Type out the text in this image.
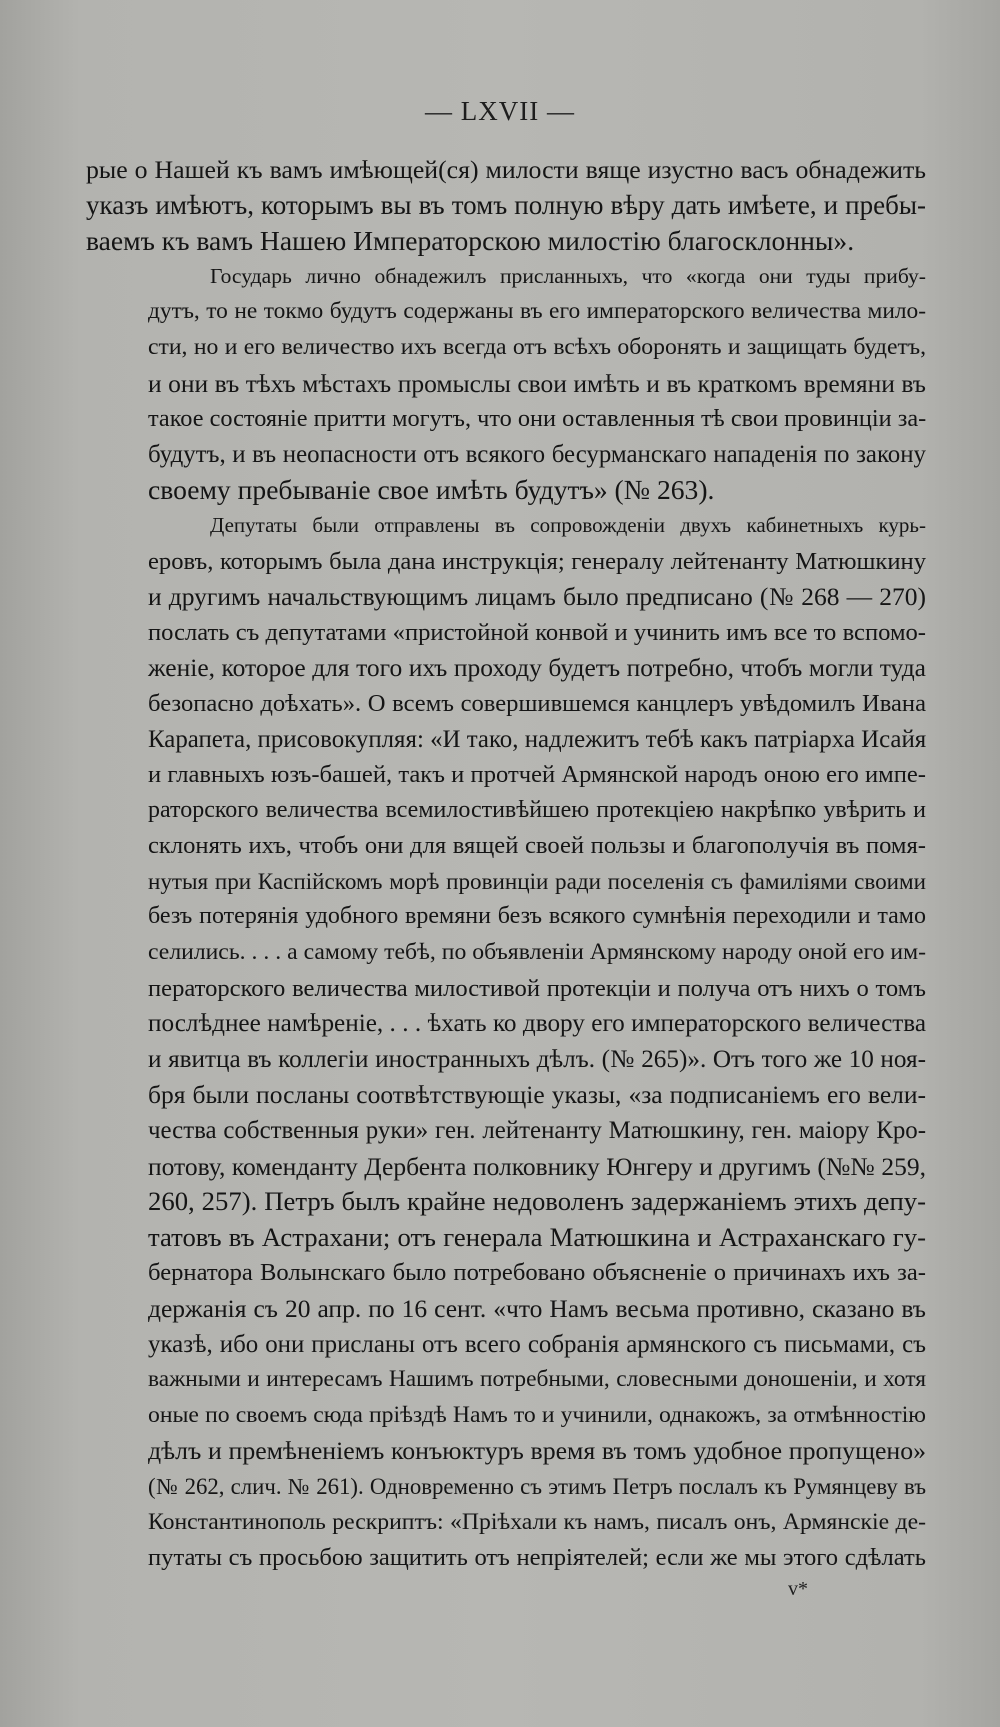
— LXVII —

рые о Нашей къ вамъ имѣющей(ся) милости вяще изустно васъ обнадежить
указъ имѣютъ, которымъ вы въ томъ полную вѣру дать имѣете, и пребы-
ваемъ къ вамъ Нашею Императорскою милостію благосклонны».

Государь лично обнадежилъ присланныхъ, что «когда они туды прибу-
дутъ, то не токмо будутъ содержаны въ его императорского величества мило-
сти, но и его величество ихъ всегда отъ всѣхъ оборонять и защищать будетъ,
и они въ тѣхъ мѣстахъ промыслы свои имѣть и въ краткомъ времяни въ
такое состояніе притти могутъ, что они оставленныя тѣ свои провинціи за-
будутъ, и въ неопасности отъ всякого бесурманскаго нападенія по закону
своему пребываніе свое имѣть будутъ» (№ 263).

Депутаты были отправлены въ сопровожденіи двухъ кабинетныхъ курь-
еровъ, которымъ была дана инструкція; генералу лейтенанту Матюшкину
и другимъ начальствующимъ лицамъ было предписано (№ 268 — 270)
послать съ депутатами «пристойной конвой и учинить имъ все то вспомо-
женіе, которое для того ихъ проходу будетъ потребно, чтобъ могли туда
безопасно доѣхать». О всемъ совершившемся канцлеръ увѣдомилъ Ивана
Карапета, присовокупляя: «И тако, надлежитъ тебѣ какъ патріарха Исайя
и главныхъ юзъ-башей, такъ и протчей Армянской народъ оною его импе-
раторского величества всемилостивѣйшею протекціею накрѣпко увѣрить и
склонять ихъ, чтобъ они для вящей своей пользы и благополучія въ помя-
нутыя при Каспійскомъ морѣ провинціи ради поселенія съ фамиліями своими
безъ потерянія удобного времяни безъ всякого сумнѣнія переходили и тамо
селились. . . . а самому тебѣ, по объявленіи Армянскому народу оной его им-
ператорского величества милостивой протекціи и получа отъ нихъ о томъ
послѣднее намѣреніе, . . . ѣхать ко двору его императорского величества
и явитца въ коллегіи иностранныхъ дѣлъ. (№ 265)». Отъ того же 10 ноя-
бря были посланы соотвѣтствующіе указы, «за подписаніемъ его вели-
чества собственныя руки» ген. лейтенанту Матюшкину, ген. маіору Кро-
потову, коменданту Дербента полковнику Юнгеру и другимъ (№№ 259,
260, 257). Петръ былъ крайне недоволенъ задержаніемъ этихъ депу-
татовъ въ Астрахани; отъ генерала Матюшкина и Астраханскаго гу-
бернатора Волынскаго было потребовано объясненіе о причинахъ ихъ за-
держанія съ 20 апр. по 16 сент. «что Намъ весьма противно, сказано въ
указѣ, ибо они присланы отъ всего собранія армянского съ письмами, съ
важными и интересамъ Нашимъ потребными, словесными доношеніи, и хотя
оные по своемъ сюда пріѣздѣ Намъ то и учинили, однакожъ, за отмѣнностію
дѣлъ и премѣненіемъ конъюктуръ время въ томъ удобное пропущено»
(№ 262, слич. № 261). Одновременно съ этимъ Петръ послалъ къ Румянцеву въ
Константинополь рескриптъ: «Пріѣхали къ намъ, писалъ онъ, Армянскіе де-
путаты съ просьбою защитить отъ непріятелей; если же мы этого сдѣлать

v*
